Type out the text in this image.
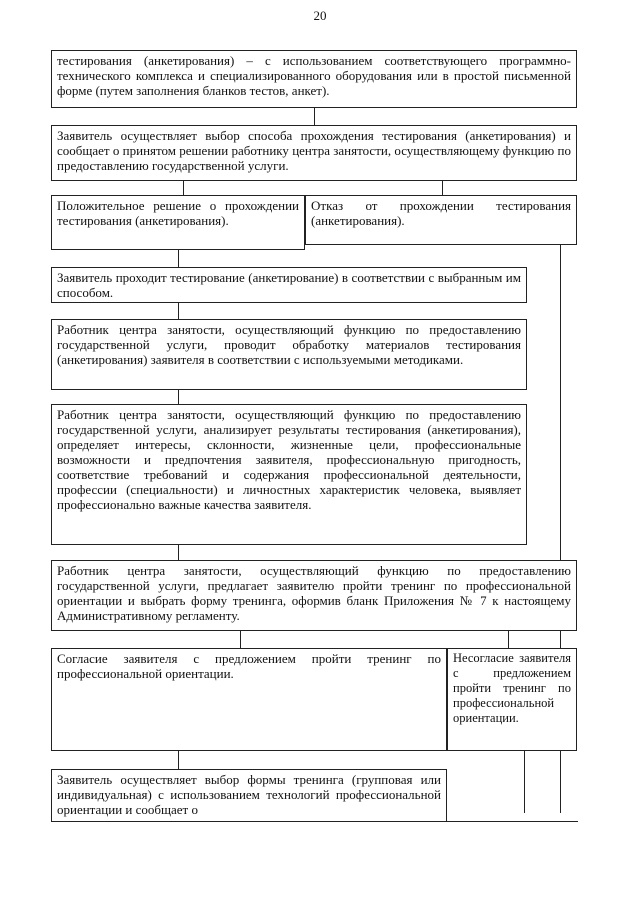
20
тестирования (анкетирования) – с использованием соответствующего программно-технического комплекса и специализированного оборудования или в простой письменной форме (путем заполнения бланков тестов, анкет).
Заявитель осуществляет выбор способа прохождения тестирования (анкетирования) и сообщает о принятом решении работнику центра занятости, осуществляющему функцию по предоставлению государственной услуги.
Положительное решение о прохождении тестирования (анкетирования).
Отказ от прохождении тестирования (анкетирования).
Заявитель проходит тестирование (анкетирование) в соответствии с выбранным им способом.
Работник центра занятости, осуществляющий функцию по предоставлению государственной услуги, проводит обработку материалов тестирования (анкетирования) заявителя в соответствии с используемыми методиками.
Работник центра занятости, осуществляющий функцию по предоставлению государственной услуги, анализирует результаты тестирования (анкетирования), определяет интересы, склонности, жизненные цели, профессиональные возможности и предпочтения заявителя, профессиональную пригодность, соответствие требований и содержания профессиональной деятельности, профессии (специальности) и личностных характеристик человека, выявляет профессионально важные качества заявителя.
Работник центра занятости, осуществляющий функцию по предоставлению государственной услуги, предлагает заявителю пройти тренинг по профессиональной ориентации и выбрать форму тренинга, оформив бланк Приложения № 7 к настоящему Административному регламенту.
Согласие заявителя с предложением пройти тренинг по профессиональной ориентации.
Несогласие заявителя с предложением пройти тренинг по профессиональной ориентации.
Заявитель осуществляет выбор формы тренинга (групповая или индивидуальная) с использованием технологий профессиональной ориентации и сообщает о
